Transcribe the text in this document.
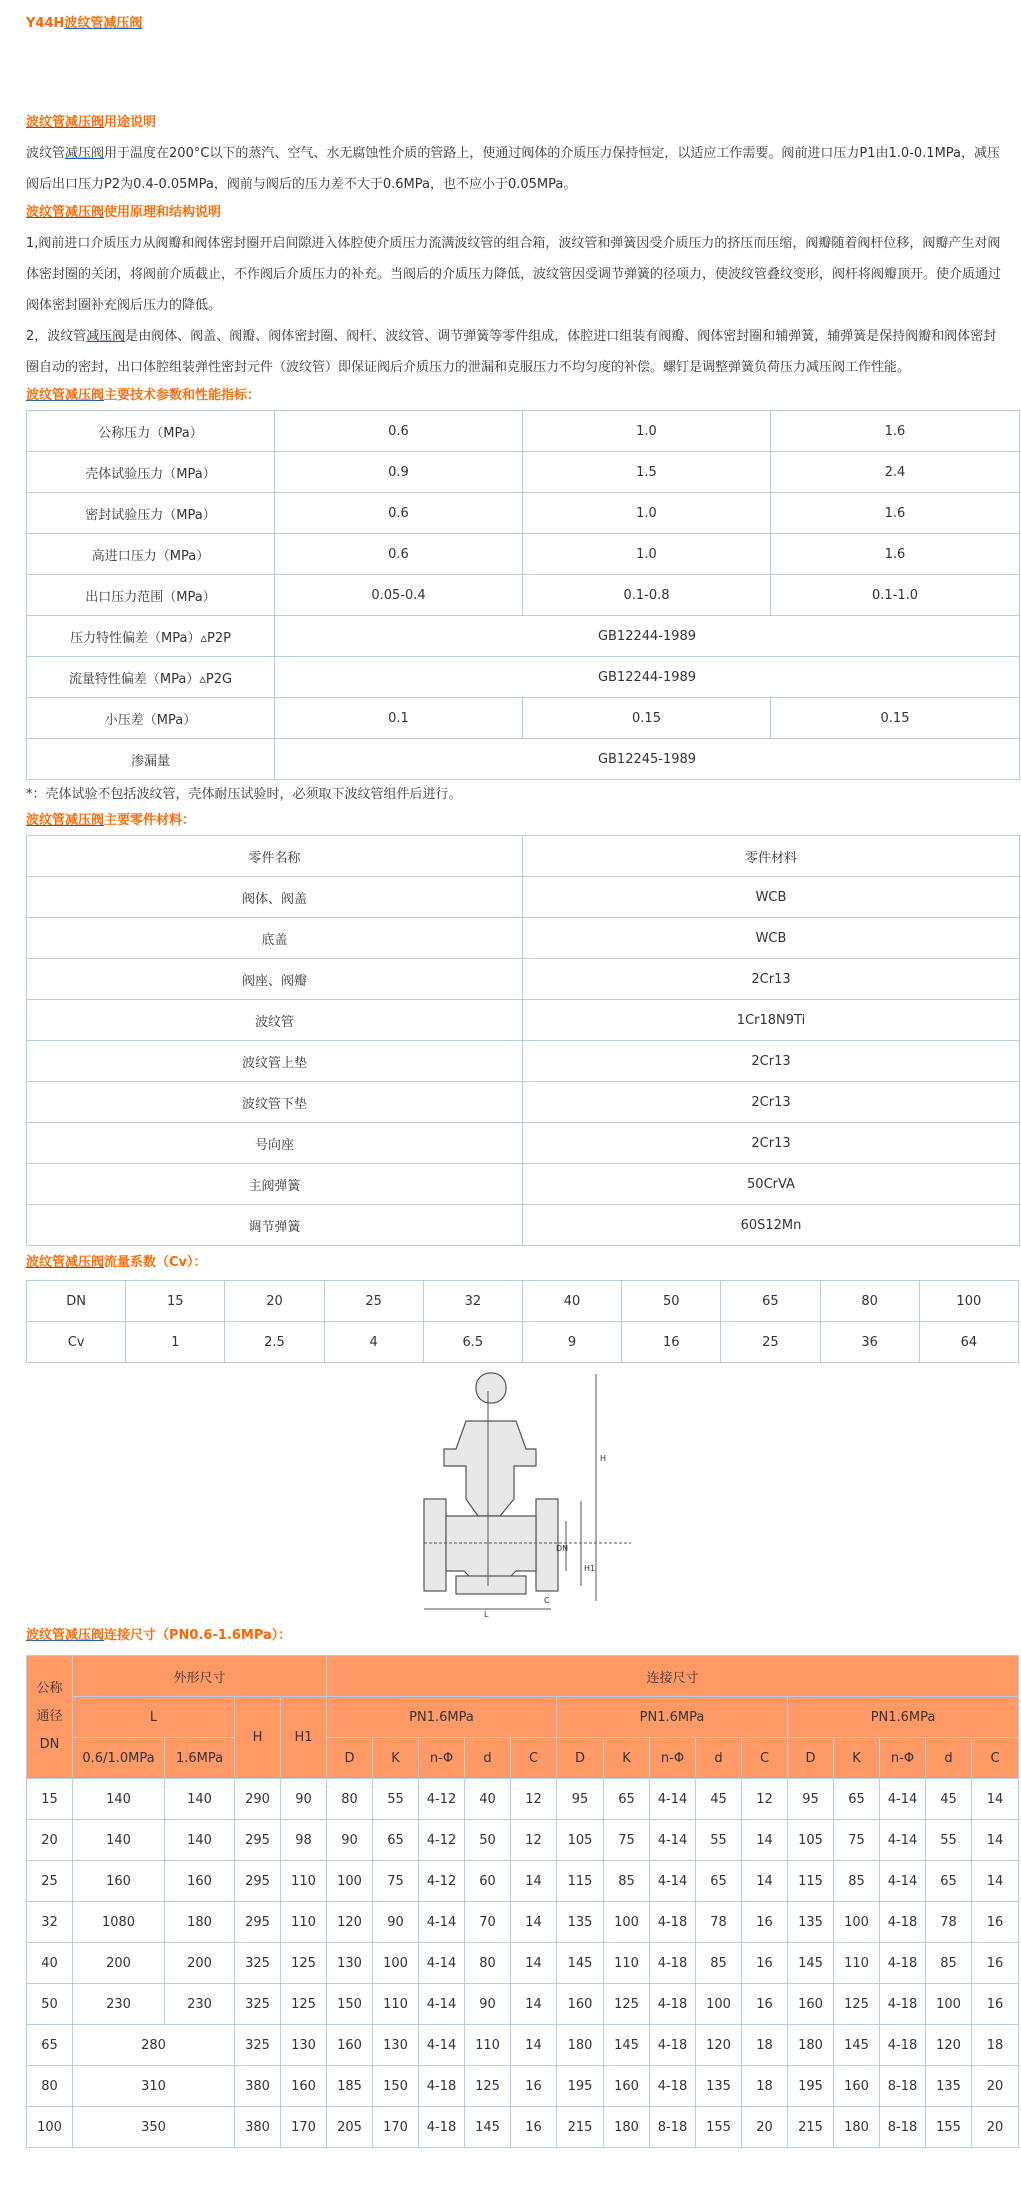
Y44H波纹管减压阀
波纹管减压阀用途说明

波纹管减压阀用于温度在200°C以下的蒸汽、空气、水无腐蚀性介质的管路上，使通过阀体的介质压力保持恒定，以适应工作需要。阀前进口压力P1由1.0-0.1MPa，减压阀后出口压力P2为0.4-0.05MPa，阀前与阀后的压力差不大于0.6MPa，也不应小于0.05MPa。

波纹管减压阀使用原理和结构说明

1,阀前进口介质压力从阀瓣和阀体密封圈开启间隙进入体腔使介质压力流满波纹管的组合箱，波纹管和弹簧因受介质压力的挤压而压缩，阀瓣随着阀杆位移，阀瓣产生对阀体密封圈的关闭，将阀前介质截止，不作阀后介质压力的补充。当阀后的介质压力降低，波纹管因受调节弹簧的径项力，使波纹管叠纹变形，阀杆将阀瓣顶开。使介质通过阀体密封圈补充阀后压力的降低。

2，波纹管减压阀是由阀体、阀盖、阀瓣、阀体密封圈、阀杆、波纹管、调节弹簧等零件组成，体腔进口组装有阀瓣、阀体密封圈和辅弹簧，辅弹簧是保持阀瓣和阀体密封圈自动的密封，出口体腔组装弹性密封元件（波纹管）即保证阀后介质压力的泄漏和克服压力不均匀度的补偿。螺钉是调整弹簧负荷压力减压阀工作性能。

波纹管减压阀主要技术参数和性能指标：
公称压力（MPa）	0.6	1.0	1.6
壳体试验压力（MPa）	0.9	1.5	2.4
密封试验压力（MPa）	0.6	1.0	1.6
高进口压力（MPa）	0.6	1.0	1.6
出口压力范围（MPa）	0.05-0.4	0.1-0.8	0.1-1.0
压力特性偏差（MPa）▵P2P	GB12244-1989		
流量特性偏差（MPa）▵P2G	GB12244-1989		
小压差（MPa）	0.1	0.15	0.15
渗漏量	GB12245-1989		
*：壳体试验不包括波纹管，壳体耐压试验时，必须取下波纹管组件后进行。
波纹管减压阀主要零件材料：
零件名称	零件材料
阀体、阀盖	WCB
底盖	WCB
阀座、阀瓣	2Cr13
波纹管	1Cr18N9Ti
波纹管上垫	2Cr13
波纹管下垫	2Cr13
号向座	2Cr13
主阀弹簧	50CrVA
调节弹簧	60S12Mn
波纹管减压阀流量系数（Cv）：
DN	15	20	25	32	40	50	65	80	100
Cv	1	2.5	4	6.5	9	16	25	36	64
L
H
H1
DN
C
波纹管减压阀连接尺寸（PN0.6-1.6MPa）：
公称
通径
DN	外形尺寸				连接尺寸														
	L		H	H1	PN1.6MPa					PN1.6MPa					PN1.6MPa				
	0.6/1.0MPa	1.6MPa			D	K	n-Φ	d	C	D	K	n-Φ	d	C	D	K	n-Φ	d	C
15	140	140	290	90	80	55	4-12	40	12	95	65	4-14	45	12	95	65	4-14	45	14
20	140	140	295	98	90	65	4-12	50	12	105	75	4-14	55	14	105	75	4-14	55	14
25	160	160	295	110	100	75	4-12	60	14	115	85	4-14	65	14	115	85	4-14	65	14
32	1080	180	295	110	120	90	4-14	70	14	135	100	4-18	78	16	135	100	4-18	78	16
40	200	200	325	125	130	100	4-14	80	14	145	110	4-18	85	16	145	110	4-18	85	16
50	230	230	325	125	150	110	4-14	90	14	160	125	4-18	100	16	160	125	4-18	100	16
65	280		325	130	160	130	4-14	110	14	180	145	4-18	120	18	180	145	4-18	120	18
80	310		380	160	185	150	4-18	125	16	195	160	4-18	135	18	195	160	8-18	135	20
100	350		380	170	205	170	4-18	145	16	215	180	8-18	155	20	215	180	8-18	155	20
